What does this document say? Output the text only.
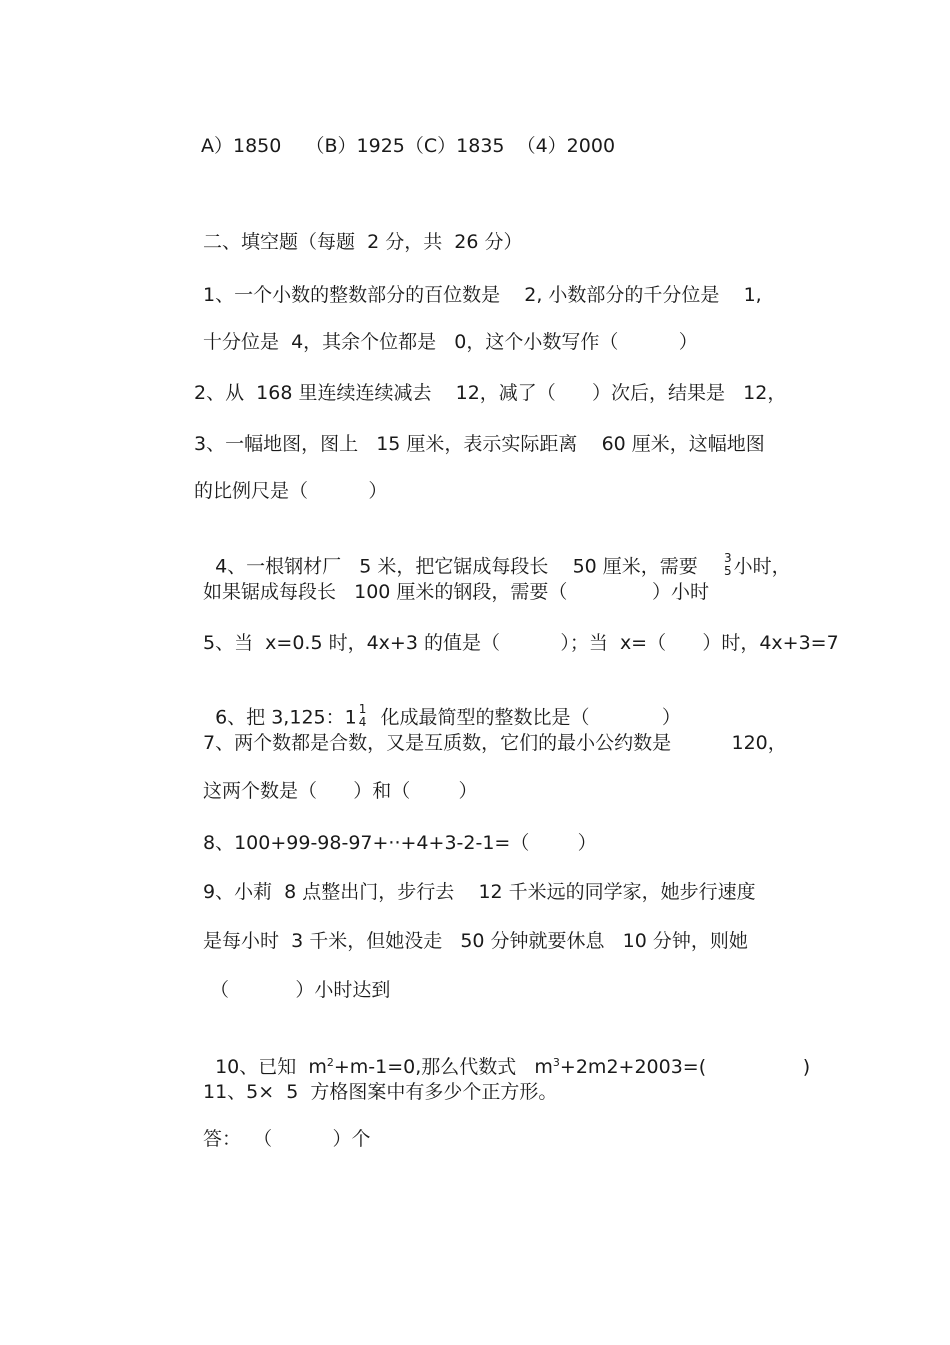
A）1850    （B）1925（C）1835  （4）2000
二、填空题（每题  2 分，共  26 分）
1、一个小数的整数部分的百位数是    2, 小数部分的千分位是    1,
十分位是  4，其余个位都是   0，这个小数写作（          ）
2、从  168 里连续连续减去    12，减了（      ）次后，结果是   12，
3、一幅地图，图上   15 厘米，表示实际距离    60 厘米，这幅地图
的比例尺是（          ）

4、一根钢材厂   5 米，把它锯成每段长    50 厘米，需要 3
5 小时，

如果锯成每段长   100 厘米的钢段，需要（              ）小时
5、当  x=0.5 时，4x+3 的值是（          ）；当  x=（      ）时，4x+3=7

6、把 3,125：1 1
4 化成最简型的整数比是（            ）

7、两个数都是合数，又是互质数，它们的最小公约数是          120，
这两个数是（      ）和（        ）
8、100+99-98-97+··+4+3-2-1=（        ）
9、小莉  8 点整出门，步行去    12 千米远的同学家，她步行速度
是每小时  3 千米，但她没走   50 分钟就要休息   10 分钟，则她
（           ）小时达到

10、已知  $m^2+m-1=0$,那么代数式   $m^3+2m2+2003=$(                )

11、5×  5  方格图案中有多少个正方形。
答：  （          ）个
